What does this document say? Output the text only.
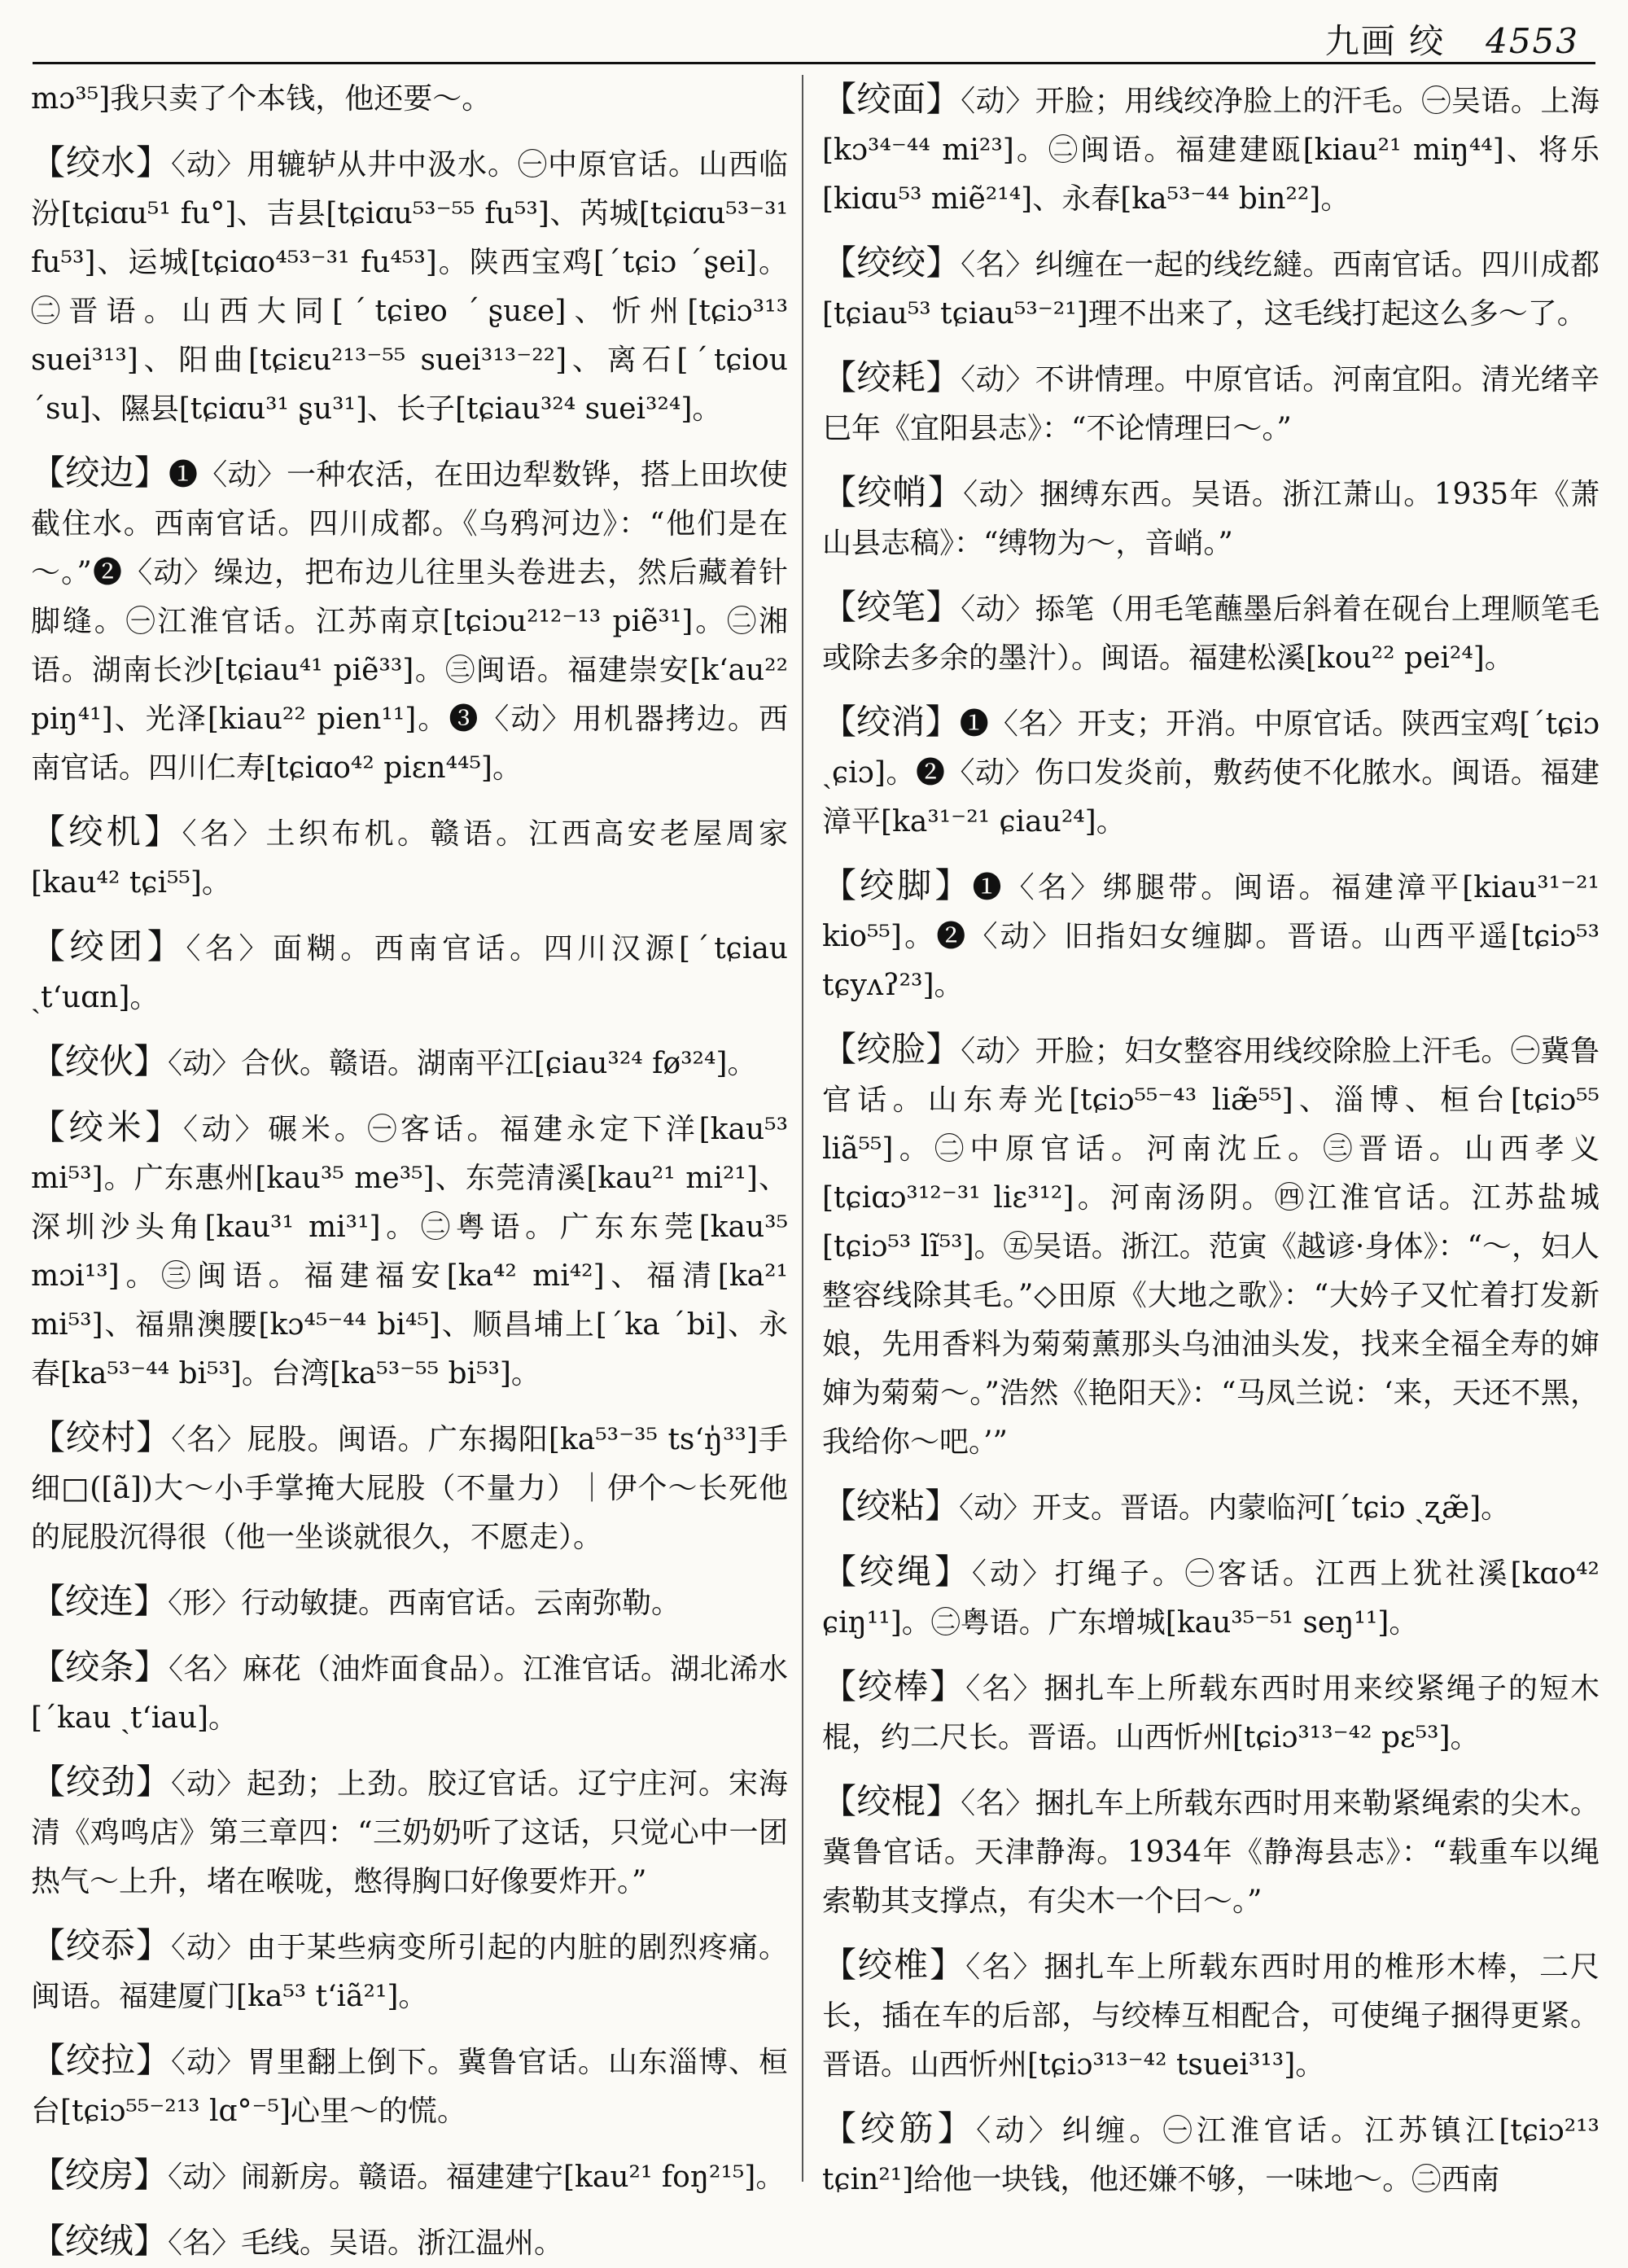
九画 绞 4553

mɔ³⁵]我只卖了个本钱，他还要～。

【绞水】〈动〉用辘轳从井中汲水。㊀中原官话。山西临汾[tɕiɑu⁵¹ fu°]、吉县[tɕiɑu⁵³⁻⁵⁵ fu⁵³]、芮城[tɕiɑu⁵³⁻³¹ fu⁵³]、运城[tɕiɑo⁴⁵³⁻³¹ fu⁴⁵³]。陕西宝鸡[ˊtɕiɔ ˊʂei]。㊁晋语。山西大同[ˊtɕiɐo ˊʂuɛe]、忻州[tɕiɔ³¹³ suei³¹³]、阳曲[tɕiɛu²¹³⁻⁵⁵ suei³¹³⁻²²]、离石[ˊtɕiou ˊsu]、隰县[tɕiɑu³¹ ʂu³¹]、长子[tɕiau³²⁴ suei³²⁴]。

【绞边】❶〈动〉一种农活，在田边犁数铧，搭上田坎使截住水。西南官话。四川成都。《乌鸦河边》：“他们是在～。”❷〈动〉缲边，把布边儿往里头卷进去，然后藏着针脚缝。㊀江淮官话。江苏南京[tɕiɔu²¹²⁻¹³ piẽ³¹]。㊁湘语。湖南长沙[tɕiau⁴¹ piẽ³³]。㊂闽语。福建崇安[k‘au²² piŋ⁴¹]、光泽[kiau²² pien¹¹]。❸〈动〉用机器拷边。西南官话。四川仁寿[tɕiɑo⁴² piɛn⁴⁴⁵]。

【绞机】〈名〉土织布机。赣语。江西高安老屋周家[kau⁴² tɕi⁵⁵]。

【绞团】〈名〉面糊。西南官话。四川汉源[ˊtɕiau ˎt‘uɑn]。

【绞伙】〈动〉合伙。赣语。湖南平江[ɕiau³²⁴ fø³²⁴]。

【绞米】〈动〉碾米。㊀客话。福建永定下洋[kau⁵³ mi⁵³]。广东惠州[kau³⁵ me³⁵]、东莞清溪[kau²¹ mi²¹]、深圳沙头角[kau³¹ mi³¹]。㊁粤语。广东东莞[kau³⁵ mɔi¹³]。㊂闽语。福建福安[ka⁴² mi⁴²]、福清[ka²¹ mi⁵³]、福鼎澳腰[kɔ⁴⁵⁻⁴⁴ bi⁴⁵]、顺昌埔上[ˊka ˊbi]、永春[ka⁵³⁻⁴⁴ bi⁵³]。台湾[ka⁵³⁻⁵⁵ bi⁵³]。

【绞村】〈名〉屁股。闽语。广东揭阳[ka⁵³⁻³⁵ ts‘ŋ̍³³]手细□([ã])大～小手掌掩大屁股（不量力）｜伊个～长死他的屁股沉得很（他一坐谈就很久，不愿走）。

【绞连】〈形〉行动敏捷。西南官话。云南弥勒。

【绞条】〈名〉麻花（油炸面食品）。江淮官话。湖北浠水[ˊkau ˎt‘iau]。

【绞劲】〈动〉起劲；上劲。胶辽官话。辽宁庄河。宋海清《鸡鸣店》第三章四：“三奶奶听了这话，只觉心中一团热气～上升，堵在喉咙，憋得胸口好像要炸开。”

【绞忝】〈动〉由于某些病变所引起的内脏的剧烈疼痛。闽语。福建厦门[ka⁵³ t‘iã²¹]。

【绞拉】〈动〉胃里翻上倒下。冀鲁官话。山东淄博、桓台[tɕiɔ⁵⁵⁻²¹³ lɑ°⁻⁵]心里～的慌。

【绞房】〈动〉闹新房。赣语。福建建宁[kau²¹ foŋ²¹⁵]。

【绞绒】〈名〉毛线。吴语。浙江温州。

【绞面】〈动〉开脸；用线绞净脸上的汗毛。㊀吴语。上海[kɔ³⁴⁻⁴⁴ mi²³]。㊁闽语。福建建瓯[kiau²¹ miŋ⁴⁴]、将乐[kiɑu⁵³ miẽ²¹⁴]、永春[ka⁵³⁻⁴⁴ bin²²]。

【绞绞】〈名〉纠缠在一起的线纥繨。西南官话。四川成都[tɕiau⁵³ tɕiau⁵³⁻²¹]理不出来了，这毛线打起这么多～了。

【绞耗】〈动〉不讲情理。中原官话。河南宜阳。清光绪辛巳年《宜阳县志》：“不论情理曰～。”

【绞帩】〈动〉捆缚东西。吴语。浙江萧山。1935年《萧山县志稿》：“缚物为～，音峭。”

【绞笔】〈动〉掭笔（用毛笔蘸墨后斜着在砚台上理顺笔毛或除去多余的墨汁）。闽语。福建松溪[kou²² pei²⁴]。

【绞消】❶〈名〉开支；开消。中原官话。陕西宝鸡[ˊtɕiɔ ˎɕiɔ]。❷〈动〉伤口发炎前，敷药使不化脓水。闽语。福建漳平[ka³¹⁻²¹ ɕiau²⁴]。

【绞脚】❶〈名〉绑腿带。闽语。福建漳平[kiau³¹⁻²¹ kio⁵⁵]。❷〈动〉旧指妇女缠脚。晋语。山西平遥[tɕiɔ⁵³ tɕyʌʔ²³]。

【绞脸】〈动〉开脸；妇女整容用线绞除脸上汗毛。㊀冀鲁官话。山东寿光[tɕiɔ⁵⁵⁻⁴³ liæ̃⁵⁵]、淄博、桓台[tɕiɔ⁵⁵ liã⁵⁵]。㊁中原官话。河南沈丘。㊂晋语。山西孝义[tɕiɑɔ³¹²⁻³¹ liɛ³¹²]。河南汤阴。㊃江淮官话。江苏盐城[tɕiɔ⁵³ lĩ⁵³]。㊄吴语。浙江。范寅《越谚·身体》：“～，妇人整容线除其毛。”◇田原《大地之歌》：“大妗子又忙着打发新娘，先用香料为菊菊薰那头乌油油头发，找来全福全寿的婶婶为菊菊～。”浩然《艳阳天》：“马凤兰说：‘来，天还不黑，我给你～吧。’”

【绞粘】〈动〉开支。晋语。内蒙临河[ˊtɕiɔ ˎʐæ̃]。

【绞绳】〈动〉打绳子。㊀客话。江西上犹社溪[kɑo⁴² ɕiŋ¹¹]。㊁粤语。广东增城[kau³⁵⁻⁵¹ seŋ¹¹]。

【绞棒】〈名〉捆扎车上所载东西时用来绞紧绳子的短木棍，约二尺长。晋语。山西忻州[tɕiɔ³¹³⁻⁴² pɛ⁵³]。

【绞棍】〈名〉捆扎车上所载东西时用来勒紧绳索的尖木。冀鲁官话。天津静海。1934年《静海县志》：“载重车以绳索勒其支撑点，有尖木一个曰～。”

【绞椎】〈名〉捆扎车上所载东西时用的椎形木棒，二尺长，插在车的后部，与绞棒互相配合，可使绳子捆得更紧。晋语。山西忻州[tɕiɔ³¹³⁻⁴² tsuei³¹³]。

【绞筋】〈动〉纠缠。㊀江淮官话。江苏镇江[tɕiɔ²¹³ tɕin²¹]给他一块钱，他还嫌不够，一味地～。㊁西南
